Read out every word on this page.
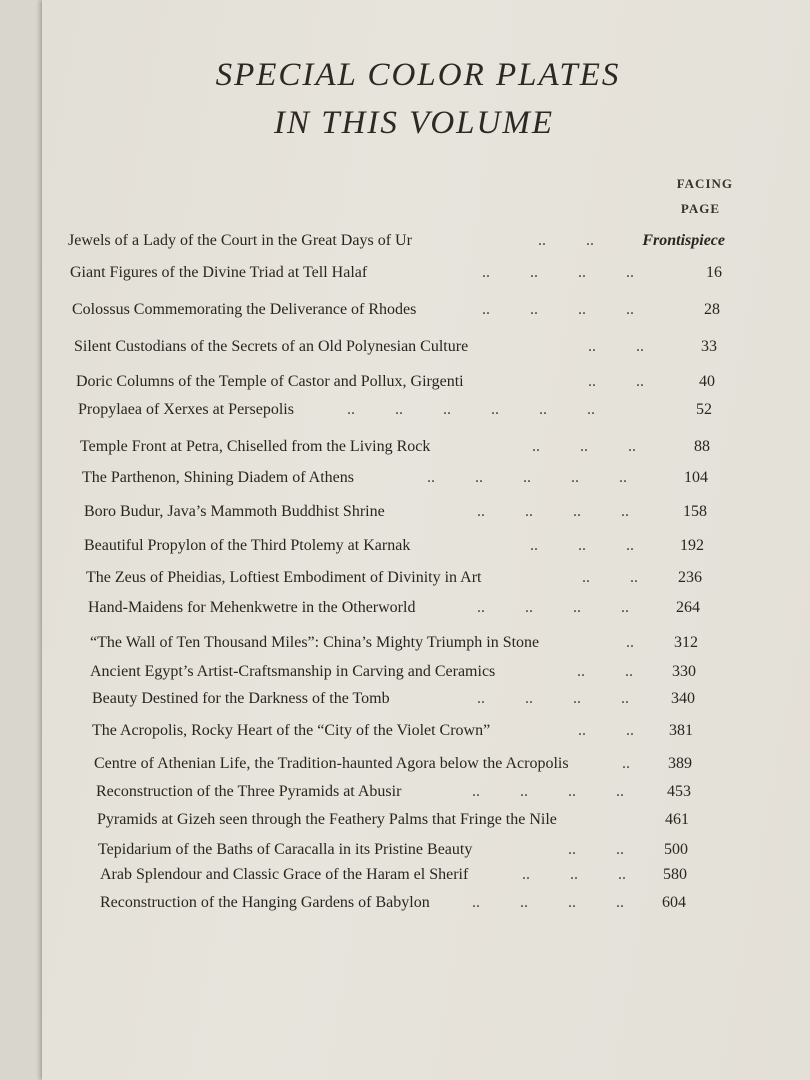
SPECIAL COLOR PLATES
IN THIS VOLUME
FACING
PAGE
Jewels of a Lady of the Court in the Great Days of Ur	..          ..	Frontispiece
Giant Figures of the Divine Triad at Tell Halaf	..          ..          ..          ..	16
Colossus Commemorating the Deliverance of Rhodes	..          ..          ..          ..	28
Silent Custodians of the Secrets of an Old Polynesian Culture	..          ..	33
Doric Columns of the Temple of Castor and Pollux, Girgenti	..          ..	40
Propylaea of Xerxes at Persepolis	..          ..          ..          ..          ..          ..	52
Temple Front at Petra, Chiselled from the Living Rock	..          ..          ..	88
The Parthenon, Shining Diadem of Athens	..          ..          ..          ..          ..	104
Boro Budur, Java’s Mammoth Buddhist Shrine	..          ..          ..          ..	158
Beautiful Propylon of the Third Ptolemy at Karnak	..          ..          ..	192
The Zeus of Pheidias, Loftiest Embodiment of Divinity in Art	..          ..	236
Hand-Maidens for Mehenkwetre in the Otherworld	..          ..          ..          ..	264
“The Wall of Ten Thousand Miles”: China’s Mighty Triumph in Stone	..	312
Ancient Egypt’s Artist-Craftsmanship in Carving and Ceramics	..          ..	330
Beauty Destined for the Darkness of the Tomb	..          ..          ..          ..	340
The Acropolis, Rocky Heart of the “City of the Violet Crown”	..          ..	381
Centre of Athenian Life, the Tradition-haunted Agora below the Acropolis	..	389
Reconstruction of the Three Pyramids at Abusir	..          ..          ..          ..	453
Pyramids at Gizeh seen through the Feathery Palms that Fringe the Nile	461
Tepidarium of the Baths of Caracalla in its Pristine Beauty	..          ..	500
Arab Splendour and Classic Grace of the Haram el Sherif	..          ..          ..	580
Reconstruction of the Hanging Gardens of Babylon	..          ..          ..          ..	604
